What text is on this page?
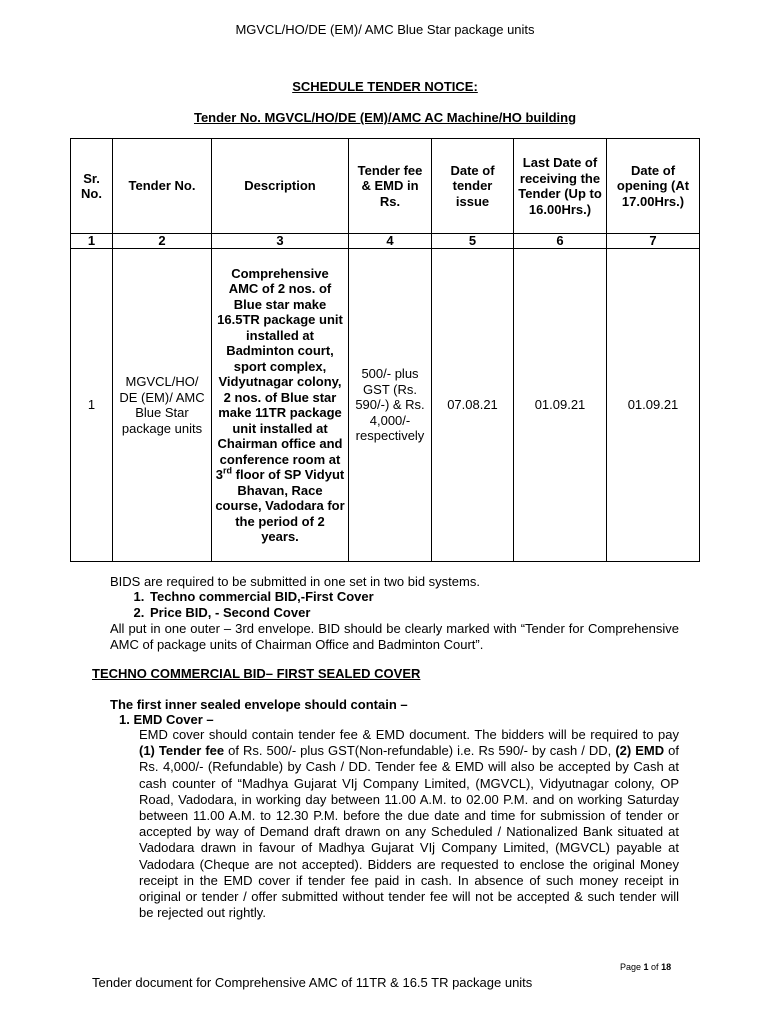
MGVCL/HO/DE (EM)/ AMC Blue Star package units
SCHEDULE TENDER NOTICE:
Tender No. MGVCL/HO/DE (EM)/AMC AC Machine/HO building
Sr. No.	Tender No.	Description	Tender fee & EMD in Rs.	Date of tender issue	Last Date of receiving the Tender (Up to 16.00Hrs.)	Date of opening (At 17.00Hrs.)
1	2	3	4	5	6	7
1	MGVCL/HO/ DE (EM)/ AMC Blue Star package units	Comprehensive AMC of 2 nos. of Blue star make 16.5TR package unit installed at Badminton court, sport complex, Vidyutnagar colony, 2 nos. of Blue star make 11TR package unit installed at Chairman office and conference room at 3rd floor of SP Vidyut Bhavan, Race course, Vadodara for the period of 2 years.	500/- plus GST (Rs. 590/-) & Rs. 4,000/- respectively	07.08.21	01.09.21	01.09.21
BIDS are required to be submitted in one set in two bid systems.
1. Techno commercial BID,-First Cover
2. Price BID, - Second Cover
All put in one outer – 3rd envelope. BID should be clearly marked with “Tender for Comprehensive AMC of package units of Chairman Office and Badminton Court”.
TECHNO COMMERCIAL BID– FIRST SEALED COVER
The first inner sealed envelope should contain –
1. EMD Cover –
EMD cover should contain tender fee & EMD document. The bidders will be required to pay (1) Tender fee of Rs. 500/- plus GST(Non-refundable) i.e. Rs 590/- by cash / DD, (2) EMD of Rs. 4,000/- (Refundable) by Cash / DD. Tender fee & EMD will also be accepted by Cash at cash counter of “Madhya Gujarat VIj Company Limited, (MGVCL), Vidyutnagar colony, OP Road, Vadodara, in working day between 11.00 A.M. to 02.00 P.M. and on working Saturday between 11.00 A.M. to 12.30 P.M. before the due date and time for submission of tender or accepted by way of Demand draft drawn on any Scheduled / Nationalized Bank situated at Vadodara drawn in favour of Madhya Gujarat VIj Company Limited, (MGVCL) payable at Vadodara (Cheque are not accepted). Bidders are requested to enclose the original Money receipt in the EMD cover if tender fee paid in cash. In absence of such money receipt in original or tender / offer submitted without tender fee will not be accepted & such tender will be rejected out rightly.
Page 1 of 18
Tender document for Comprehensive AMC of 11TR & 16.5 TR package units
